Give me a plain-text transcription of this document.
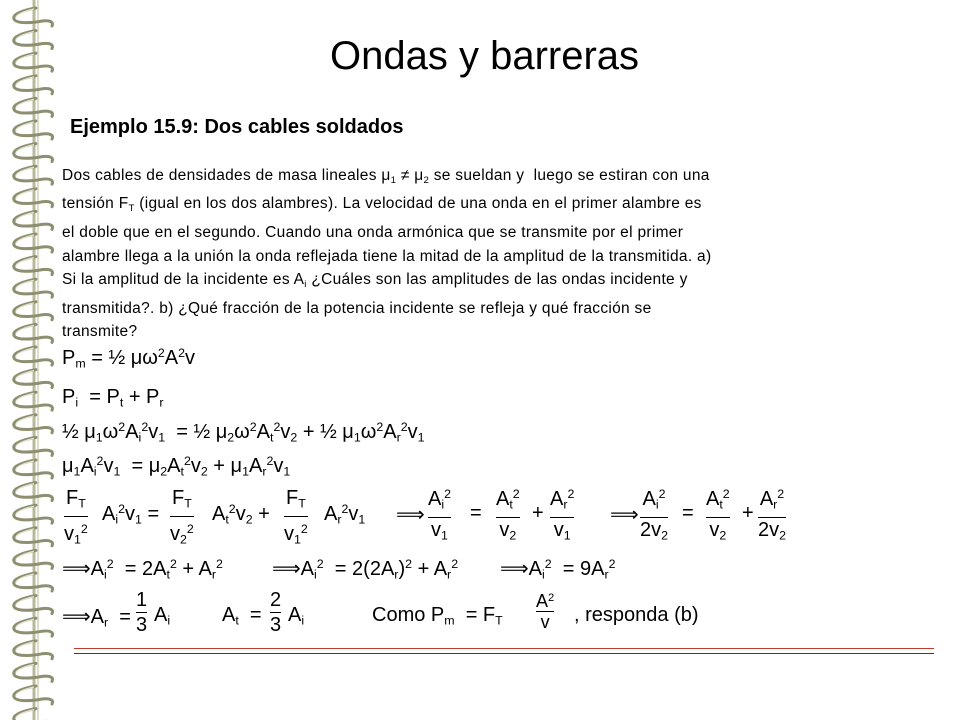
Ondas y barreras
Ejemplo 15.9: Dos cables soldados
Dos cables de densidades de masa lineales $\mu_1 \ne \mu_2$ se sueldan y  luego se estiran con una
tensión $F_T$ (igual en los dos alambres). La velocidad de una onda en el primer alambre es
el doble que en el segundo. Cuando una onda armónica que se transmite por el primer
alambre llega a la unión la onda reflejada tiene la mitad de la amplitud de la transmitida. a)
Si la amplitud de la incidente es $A_i$ ¿Cuáles son las amplitudes de las ondas incidente y
transmitida?. b) ¿Qué fracción de la potencia incidente se refleja y qué fracción se
transmite?
$P_m$ = ½ $\mu\omega^2A^2v$
$P_i = P_t + P_r$
½ $\mu_1\omega^2A_i^2v_1$  = ½ $\mu_2\omega^2A_t^2v_2$ + ½ $\mu_1\omega^2A_r^2v_1$
$\mu_1A_i^2v_1 = \mu_2A_t^2v_2 + \mu_1A_r^2v_1$
$F_T$
$v_1^2$
$A_i^2v_1$ =
$F_T$
$v_2^2$
$A_t^2v_2$ +
$F_T$
$v_1^2$
$A_r^2v_1$ ⟹
$A_i^2$
$v_1$
=
$A_t^2$
$v_2$
+
$A_r^2$
$v_1$
⟹
$A_i^2$
$2v_2$
=
$A_t^2$
$v_2$
+
$A_r^2$
$2v_2$
$⟹A_i^2 = 2A_t^2 + A_r^2$ $⟹A_i^2 = 2(2A_r)^2 + A_r^2$ $⟹A_i^2 = 9A_r^2$
$⟹A_r$  =
1
3 $A_i$	$A_t$  =
2
3 $A_i$	Como $P_m = F_T$
$A^2$
v , responda (b)
